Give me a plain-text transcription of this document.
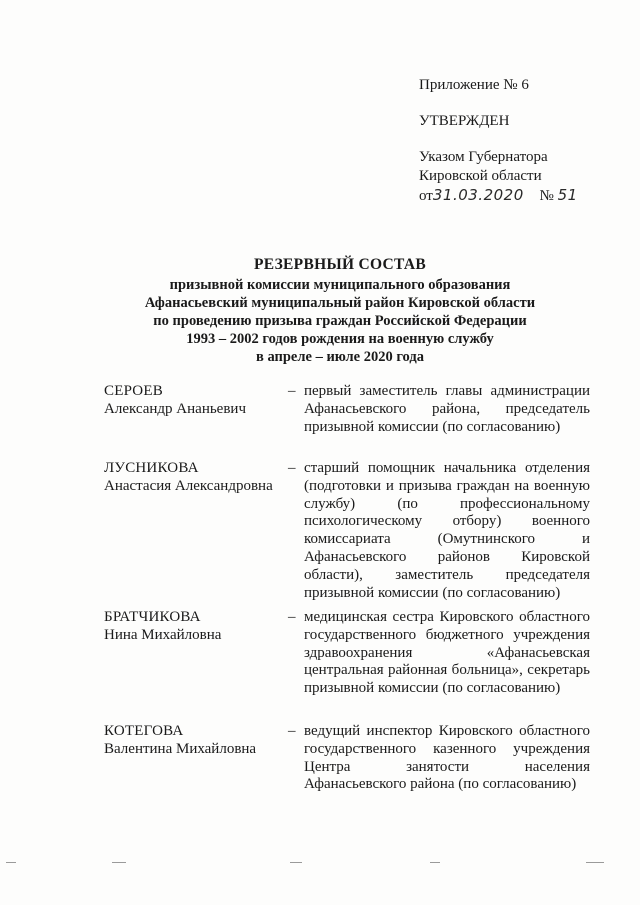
Приложение № 6
УТВЕРЖДЕН
Указом Губернатора
Кировской области
от31.03.2020 № 51
РЕЗЕРВНЫЙ СОСТАВ
призывной комиссии муниципального образования
Афанасьевский муниципальный район Кировской области
по проведению призыва граждан Российской Федерации
1993 – 2002 годов рождения на военную службу
в апреле – июле 2020 года
СЕРОЕВ
Александр Ананьевич
– первый заместитель главы администрации Афанасьевского района, председатель призывной комиссии (по согласованию)
ЛУСНИКОВА
Анастасия Александровна
– старший помощник начальника отделения (подготовки и призыва граждан на военную службу) (по профессиональному психологическому отбору) военного комиссариата (Омутнинского и Афанасьевского районов Кировской области), заместитель председателя призывной комиссии (по согласованию)
БРАТЧИКОВА
Нина Михайловна
– медицинская сестра Кировского областного государственного бюджетного учреждения здравоохранения «Афанасьевская центральная районная больница», секретарь призывной комиссии (по согласованию)
КОТЕГОВА
Валентина Михайловна
– ведущий инспектор Кировского областного государственного казенного учреждения Центра занятости населения Афанасьевского района (по согласованию)
